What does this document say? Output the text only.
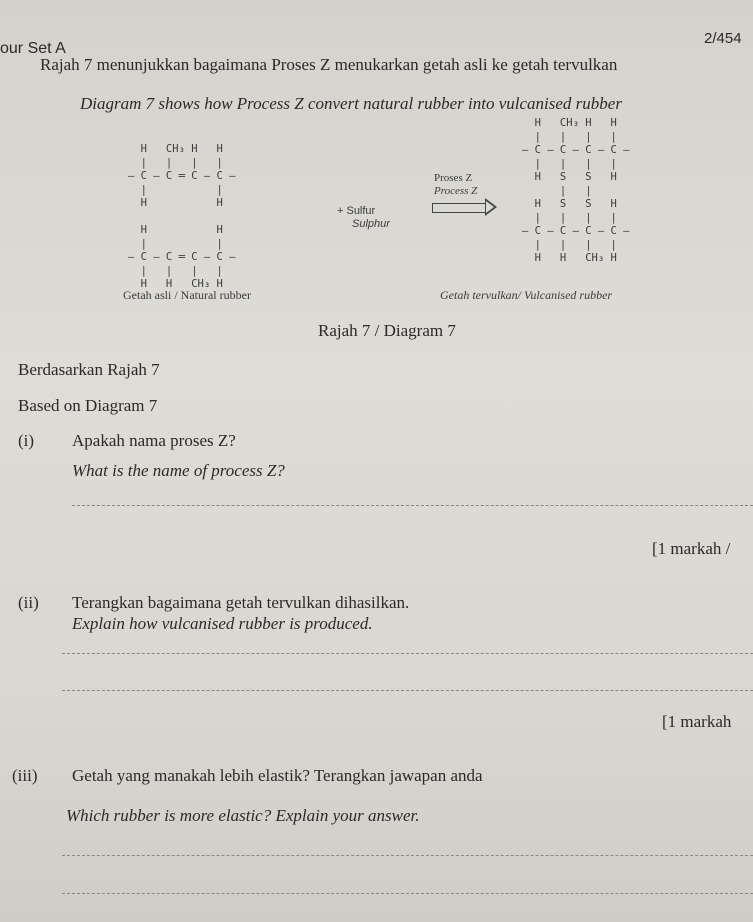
our Set A
2/454
Rajah 7 menunjukkan bagaimana Proses Z menukarkan getah asli ke getah tervulkan
Diagram 7 shows how Process Z convert natural rubber into vulcanised rubber
H   CH₃ H   H
|   |   |   |
— C — C ═ C — C —
|           |
H           H

H           H
|           |
— C — C ═ C — C —
|   |   |   |
H   H   CH₃ H
+ Sulfur
Sulphur
Proses Z
Process Z
H   CH₃ H   H
|   |   |   |
— C — C — C — C —
|   |   |   |
H   S   S   H
|   |
H   S   S   H
|   |   |   |
— C — C — C — C —
|   |   |   |
H   H   CH₃ H
Getah asli / Natural rubber	Getah tervulkan/ Vulcanised rubber
Rajah 7 / Diagram 7
Berdasarkan Rajah 7
Based on Diagram 7
(i) Apakah nama proses Z?
What is the name of process Z?
[1 markah /
(ii) Terangkan bagaimana getah tervulkan dihasilkan.
Explain how vulcanised rubber is produced.
[1 markah
(iii) Getah yang manakah lebih elastik? Terangkan jawapan anda
Which rubber is more elastic? Explain your answer.
